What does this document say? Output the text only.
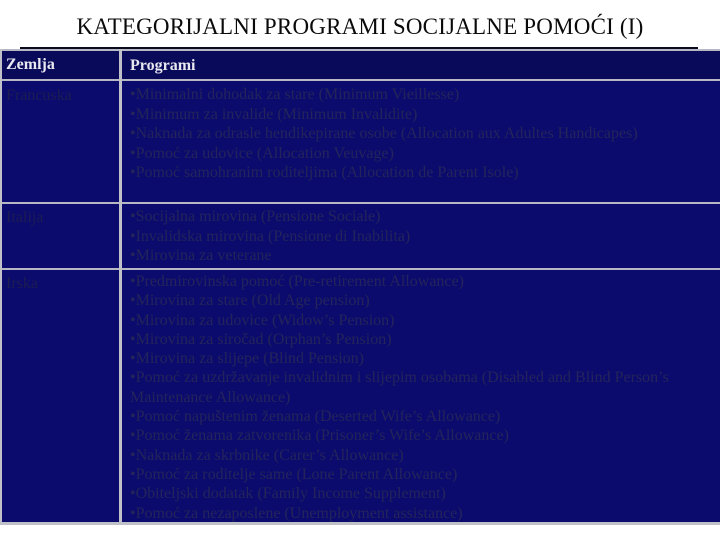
KATEGORIJALNI PROGRAMI SOCIJALNE POMOĆI (I)
Zemlja	Programi
Francuska	•Minimalni dohodak za stare (Minimum Vieillesse)
•Minimum za invalide (Minimum Invalidite)
•Naknada za odrasle hendikepirane osobe (Allocation aux Adultes Handicapes)
•Pomoć za udovice (Allocation Veuvage)
•Pomoć samohranim roditeljima (Allocation de Parent Isole)
Italija	•Socijalna mirovina (Pensione Sociale)
•Invalidska mirovina (Pensione di Inabilita)
•Mirovina za veterane
Irska	•Predmirovinska pomoć (Pre-retirement Allowance)
•Mirovina za stare (Old Age pension)
•Mirovina za udovice (Widow’s Pension)
•Mirovina za siročad (Orphan’s Pension)
•Mirovina za slijepe (Blind Pension)
•Pomoć za uzdržavanje invalidnim i slijepim osobama (Disabled and Blind Person’s Maintenance Allowance)
•Pomoć napuštenim ženama (Deserted Wife’s Allowance)
•Pomoć ženama zatvorenika (Prisoner’s Wife’s Allowance)
•Naknada za skrbnike (Carer’s Allowance)
•Pomoć za roditelje same (Lone Parent Allowance)
•Obiteljski dodatak (Family Income Supplement)
•Pomoć za nezaposlene (Unemployment assistance)
